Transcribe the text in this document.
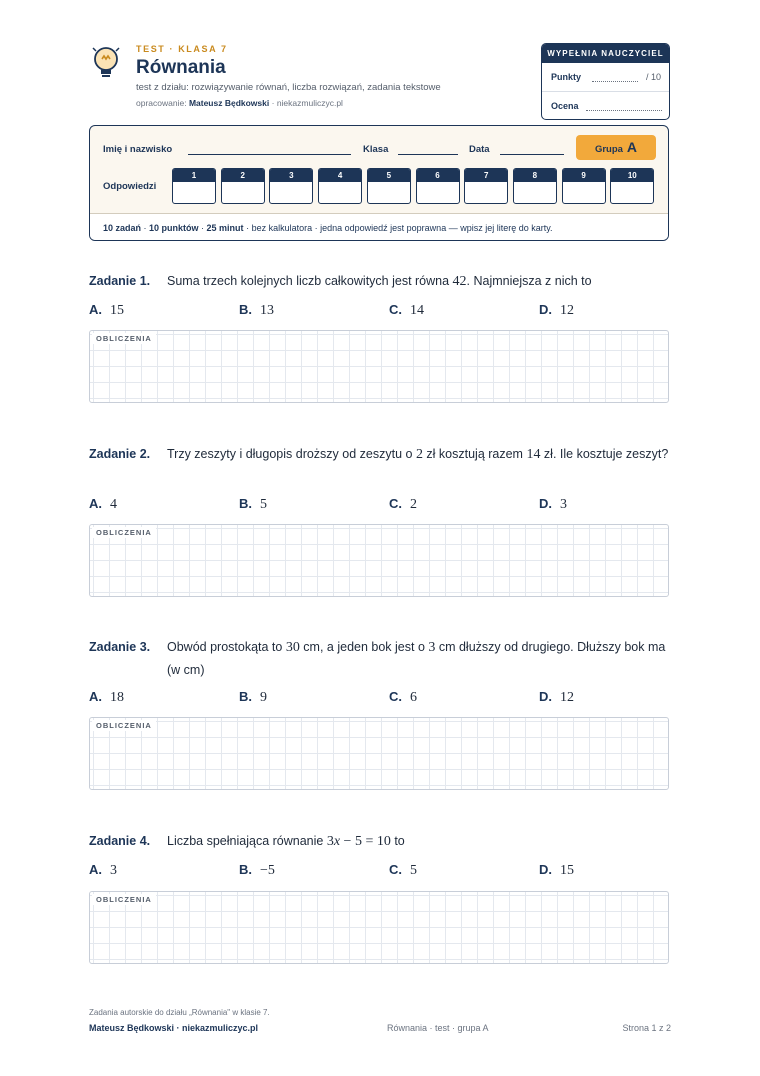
TEST · KLASA 7
Równania
test z działu: rozwiązywanie równań, liczba rozwiązań, zadania tekstowe
opracowanie: Mateusz Będkowski · niekazmuliczyc.pl
WYPEŁNIA NAUCZYCIEL
Punkty	/ 10
Ocena
Imię i nazwisko	Klasa	Data	Grupa A
Odpowiedzi
1	2	3	4	5	6	7	8	9	10
10 zadań · 10 punktów · 25 minut · bez kalkulatora · jedna odpowiedź jest poprawna — wpisz jej literę do karty.
Zadanie 1.	Suma trzech kolejnych liczb całkowitych jest równa 42. Najmniejsza z nich to
A. 15	B. 13	C. 14	D. 12
OBLICZENIA
Zadanie 2.	Trzy zeszyty i długopis droższy od zeszytu o 2 zł kosztują razem 14 zł. Ile kosztuje zeszyt?
A. 4	B. 5	C. 2	D. 3
OBLICZENIA
Zadanie 3.	Obwód prostokąta to 30 cm, a jeden bok jest o 3 cm dłuższy od drugiego. Dłuższy bok ma (w cm)
A. 18	B. 9	C. 6	D. 12
OBLICZENIA
Zadanie 4.	Liczba spełniająca równanie 3x − 5 = 10 to
A. 3	B. −5	C. 5	D. 15
OBLICZENIA
Zadania autorskie do działu „Równania" w klasie 7.
Mateusz Będkowski · niekazmuliczyc.pl	Równania · test · grupa A	Strona 1 z 2
